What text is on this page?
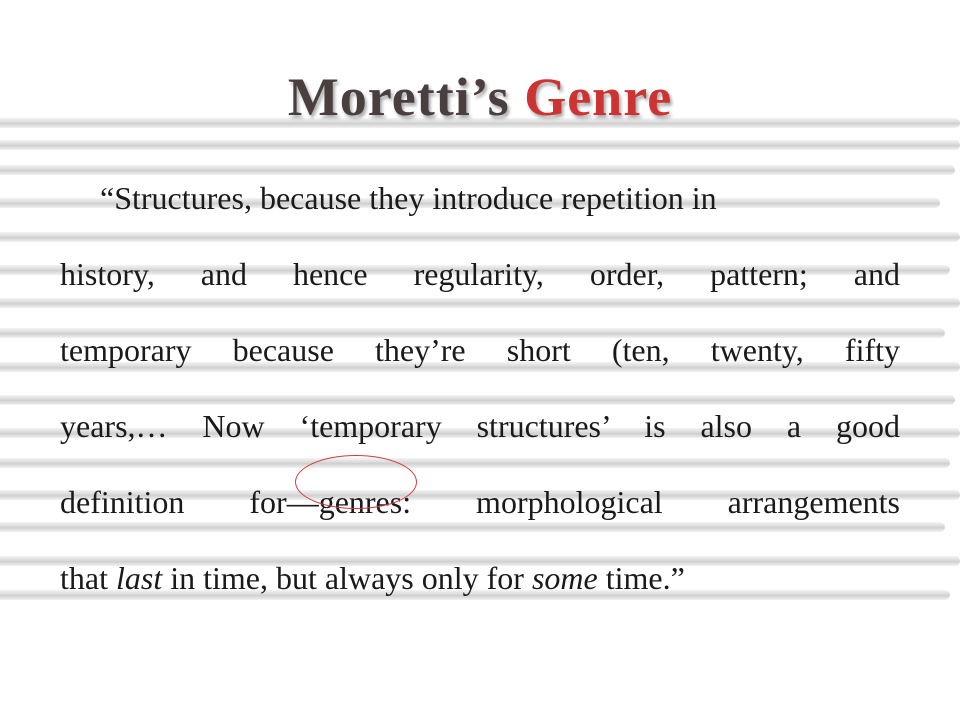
Moretti’s Genre
“Structures, because they introduce repetition in
history, and hence regularity, order, pattern; and
temporary because they’re short (ten, twenty, fifty
years,… Now ‘temporary structures’ is also a good
definition for—genres: morphological arrangements
that last in time, but always only for some time.”
